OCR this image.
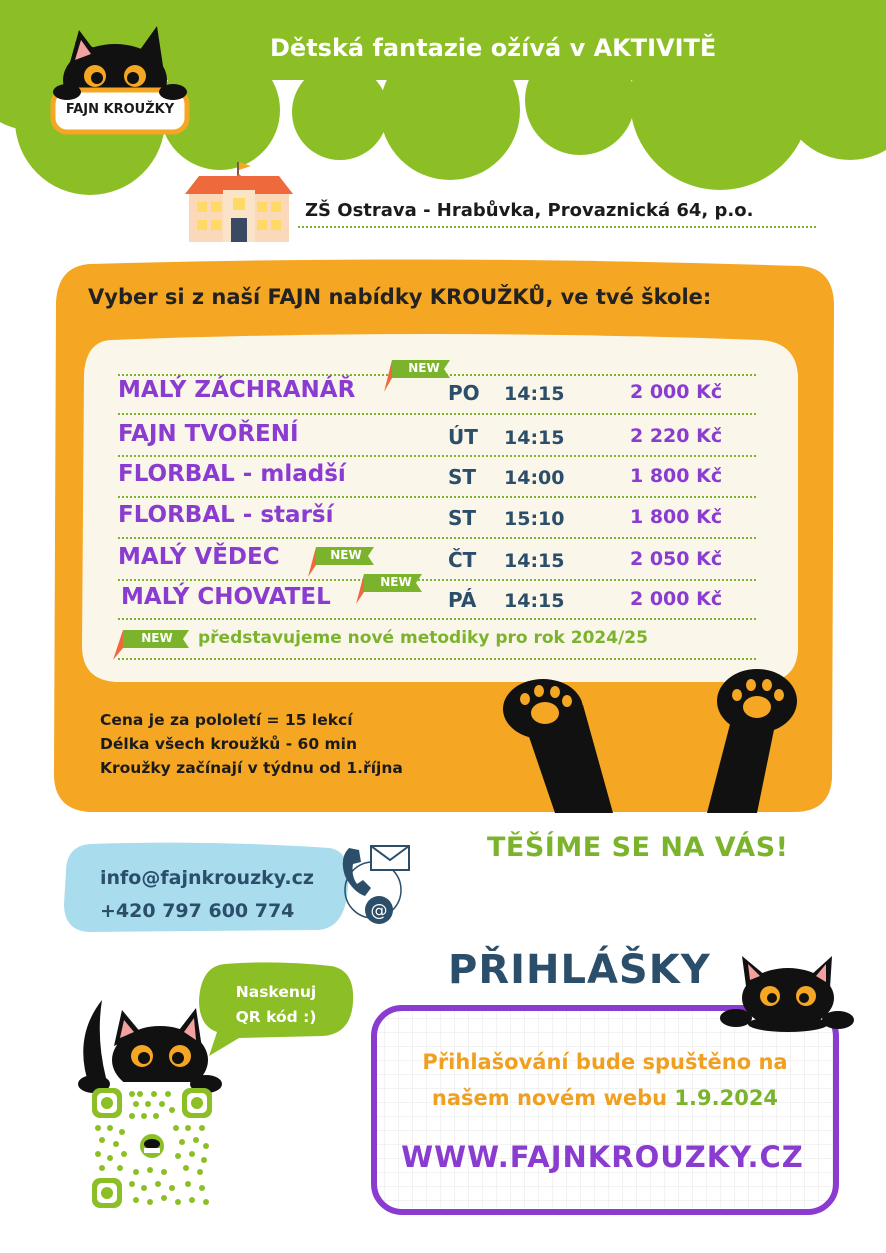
FAJN KROUŽKY
Dětská fantazie ožívá v AKTIVITĚ
ZŠ Ostrava - Hrabůvka, Provaznická 64, p.o.
Vyber si z naší FAJN nabídky KROUŽKŮ, ve tvé škole:
MALÝ ZÁCHRANÁŘ	PO 14:15	2 000 Kč
FAJN TVOŘENÍ	ÚT 14:15	2 220 Kč
FLORBAL - mladší	ST 14:00	1 800 Kč
FLORBAL - starší	ST 15:10	1 800 Kč
MALÝ VĚDEC	ČT 14:15	2 050 Kč
MALÝ CHOVATEL	PÁ 14:15	2 000 Kč
NEW
NEW
NEW
NEW	představujeme nové metodiky pro rok 2024/25
Cena je za pololetí = 15 lekcí
Délka všech kroužků - 60 min
Kroužky začínají v týdnu od 1.října
TĚŠÍME SE NA VÁS!
info@fajnkrouzky.cz
+420 797 600 774	@
Naskenuj
QR kód :)
PŘIHLÁŠKY
Přihlašování bude spuštěno na
našem novém webu 1.9.2024
WWW.FAJNKROUZKY.CZ
